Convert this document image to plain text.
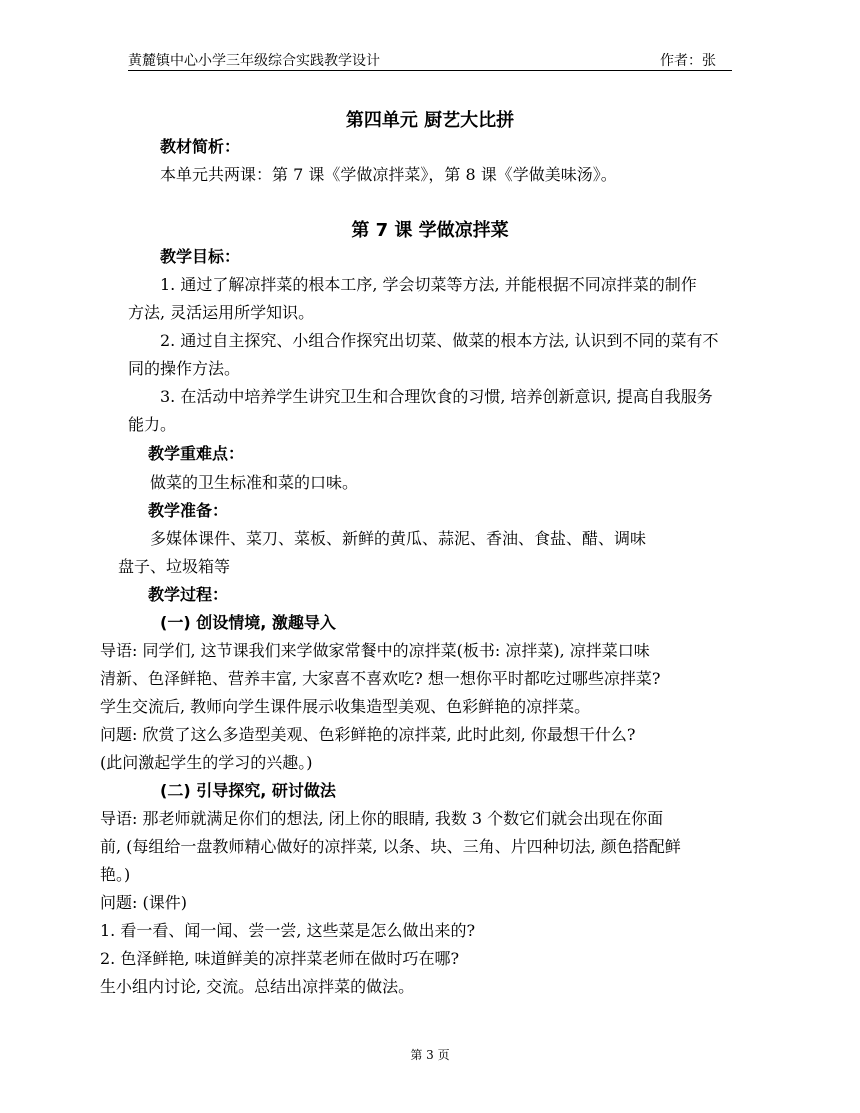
黄麓镇中心小学三年级综合实践教学设计	作者：张
第四单元 厨艺大比拼
教材简析：
本单元共两课：第 7 课《学做凉拌菜》，第 8 课《学做美味汤》。
第 7 课 学做凉拌菜
教学目标：
1. 通过了解凉拌菜的根本工序, 学会切菜等方法, 并能根据不同凉拌菜的制作
方法, 灵活运用所学知识。
2. 通过自主探究、小组合作探究出切菜、做菜的根本方法, 认识到不同的菜有不
同的操作方法。
3. 在活动中培养学生讲究卫生和合理饮食的习惯, 培养创新意识, 提高自我服务
能力。
教学重难点：
做菜的卫生标准和菜的口味。
教学准备：
多媒体课件、菜刀、菜板、新鲜的黄瓜、蒜泥、香油、食盐、醋、调味
盘子、垃圾箱等
教学过程：
(一) 创设情境, 激趣导入
导语: 同学们, 这节课我们来学做家常餐中的凉拌菜(板书: 凉拌菜), 凉拌菜口味
清新、色泽鲜艳、营养丰富, 大家喜不喜欢吃? 想一想你平时都吃过哪些凉拌菜?
学生交流后, 教师向学生课件展示收集造型美观、色彩鲜艳的凉拌菜。
问题: 欣赏了这么多造型美观、色彩鲜艳的凉拌菜, 此时此刻, 你最想干什么?
(此问激起学生的学习的兴趣。)
(二) 引导探究, 研讨做法
导语: 那老师就满足你们的想法, 闭上你的眼睛, 我数 3 个数它们就会出现在你面
前, (每组给一盘教师精心做好的凉拌菜, 以条、块、三角、片四种切法, 颜色搭配鲜
艳。)
问题: (课件)
1. 看一看、闻一闻、尝一尝, 这些菜是怎么做出来的?
2. 色泽鲜艳, 味道鲜美的凉拌菜老师在做时巧在哪?
生小组内讨论, 交流。总结出凉拌菜的做法。
第 3 页
